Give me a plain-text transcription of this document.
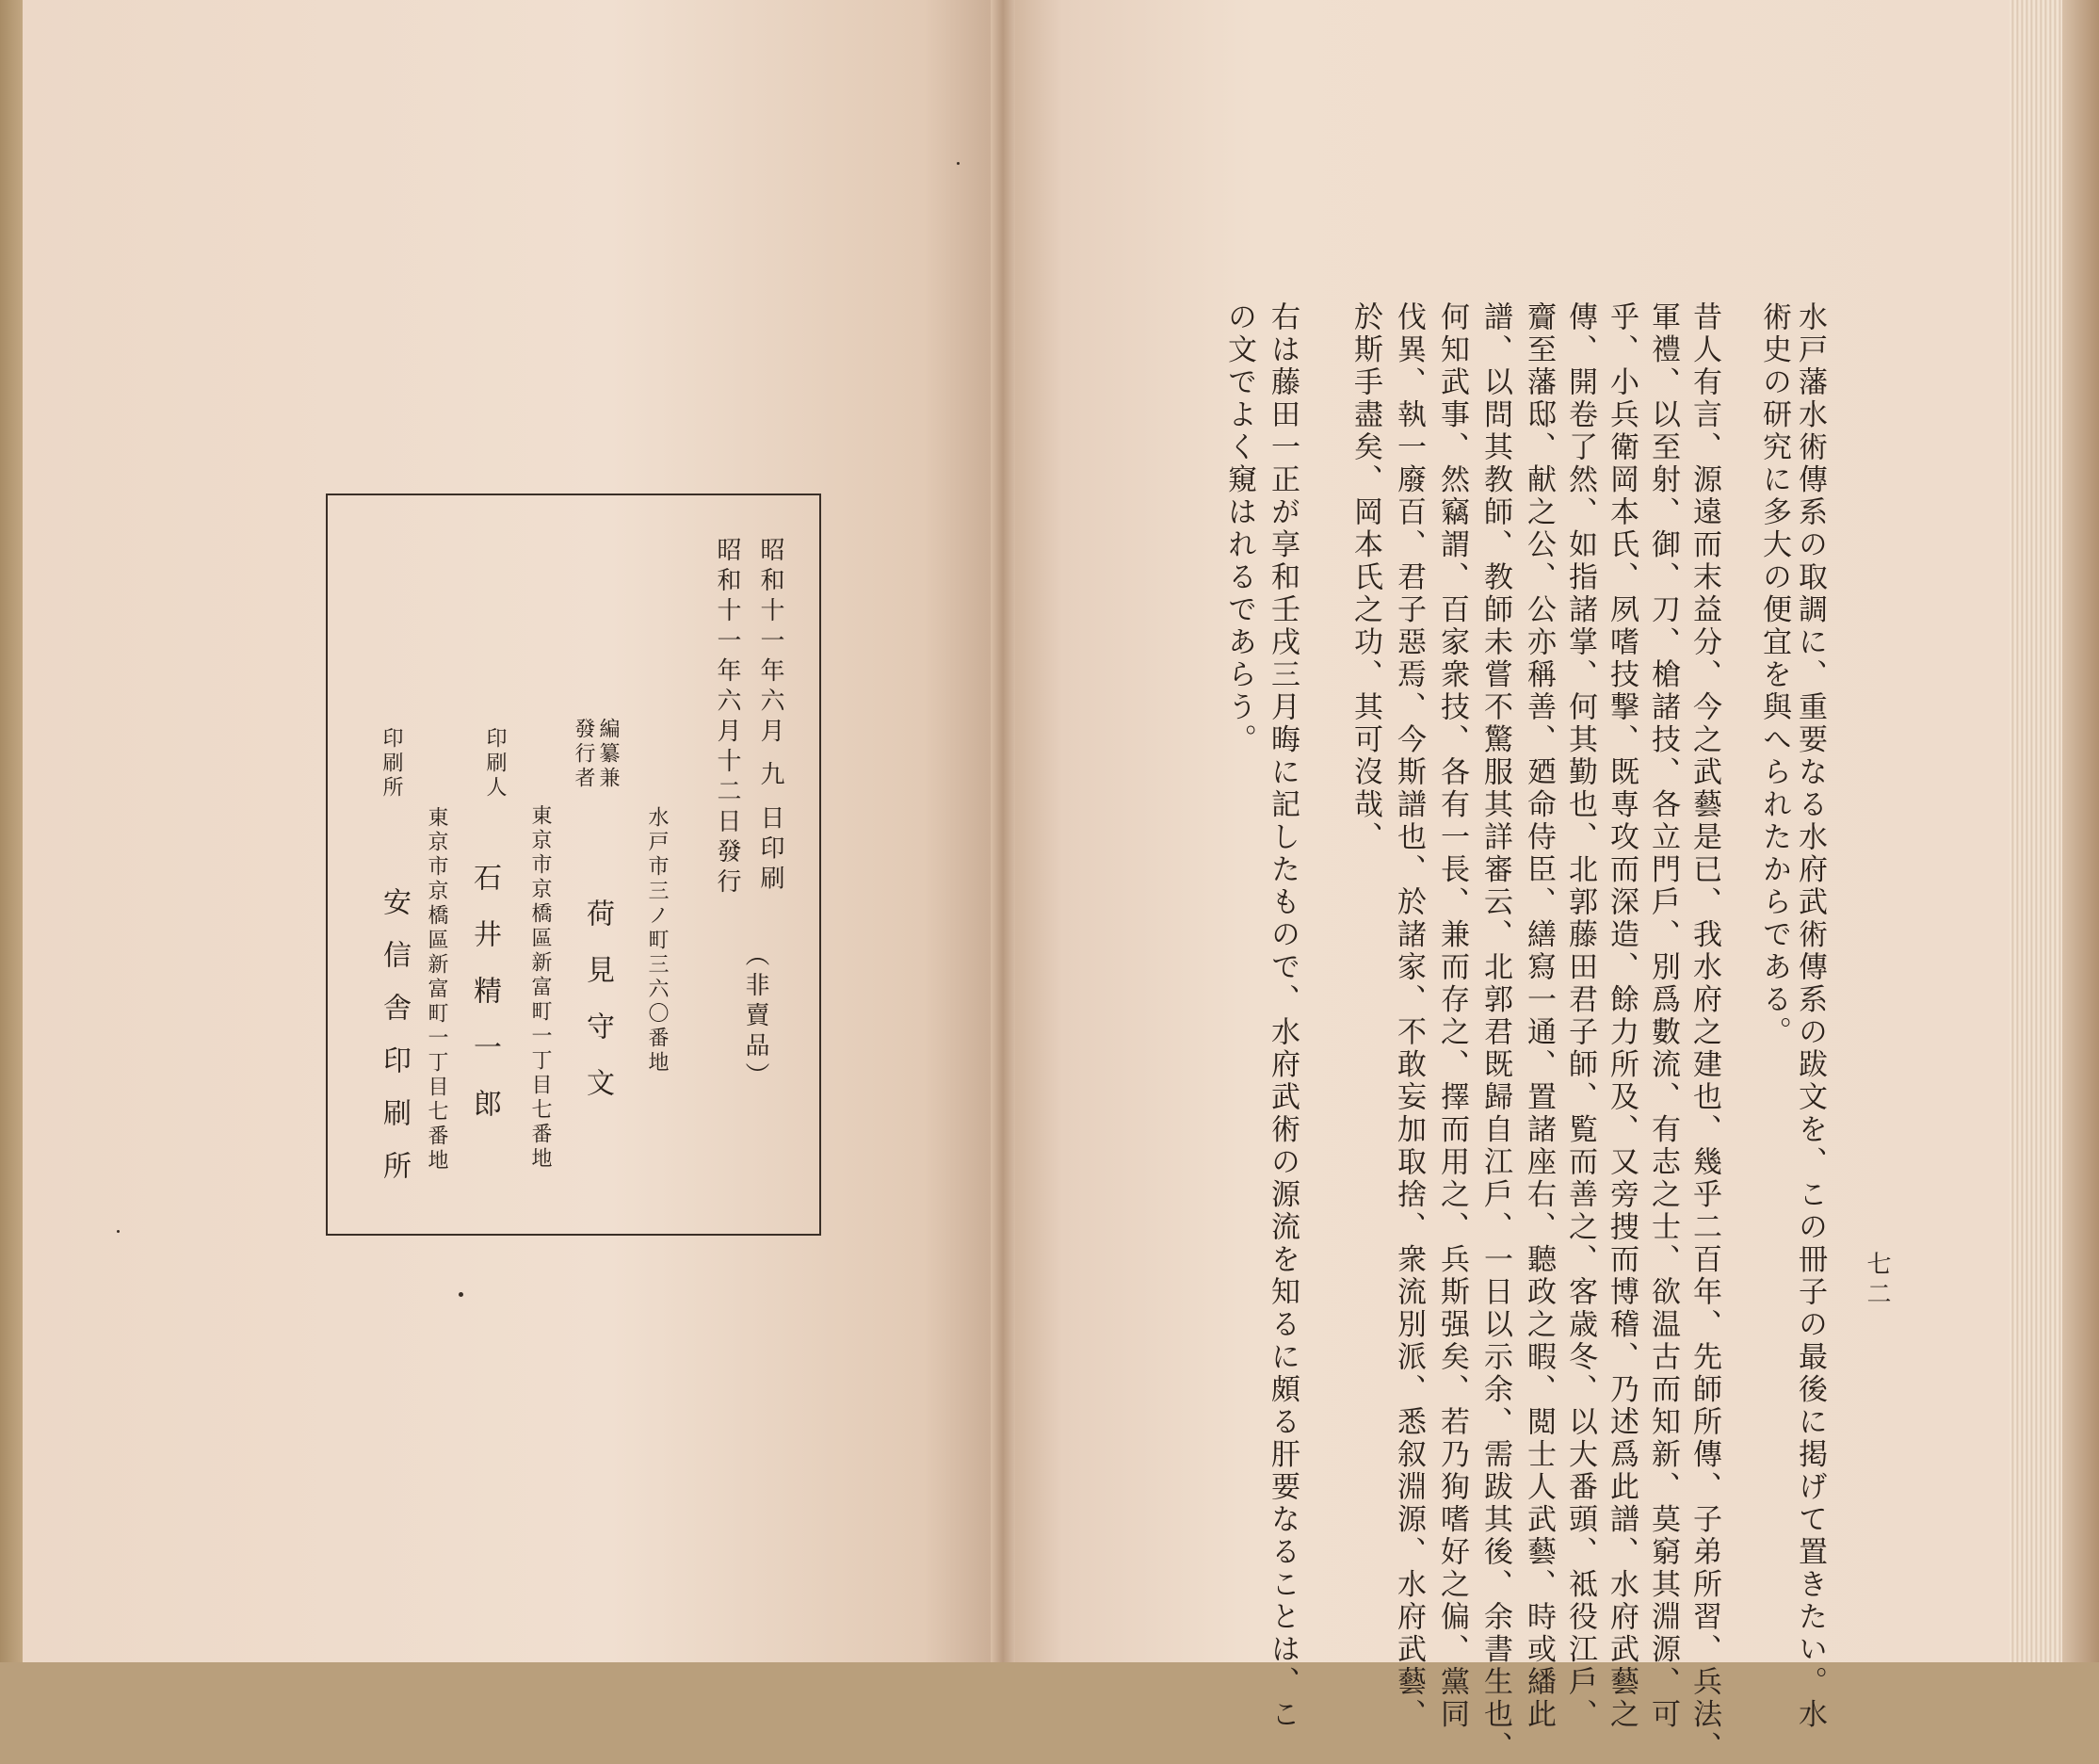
昭和十一年六月 九 日印刷
昭和十一年六月十二日發行
（非賣品）
編纂兼
發行者
水戸市三ノ町三六〇番地
荷見守文
東京市京橋區新富町一丁目七番地
印刷人
石井精一郎
東京市京橋區新富町一丁目七番地
印刷所
安信舎印刷所	水戸藩水術傳系の取調に、重要なる水府武術傳系の跋文を、この冊子の最後に掲げて置きたい。水
術史の研究に多大の便宜を與へられたからである。
昔人有言、源遠而末益分、今之武藝是已、我水府之建也、幾乎二百年、先師所傳、子弟所習、兵法、
軍禮、以至射、御、刀、槍諸技、各立門戶、別爲數流、有志之士、欲温古而知新、莫窮其淵源、可
乎、小兵衛岡本氏、夙嗜技撃、既専攻而深造、餘力所及、又旁捜而博稽、乃述爲此譜、水府武藝之
傳、開卷了然、如指諸掌、何其勤也、北郭藤田君子師、覧而善之、客歳冬、以大番頭、祗役江戶、
齎至藩邸、献之公、公亦稱善、廼命侍臣、繕寫一通、置諸座右、聽政之暇、閲士人武藝、時或繙此
譜、以問其教師、教師未嘗不驚服其詳審云、北郭君既歸自江戶、一日以示余、需跋其後、余書生也、
何知武事、然竊謂、百家衆技、各有一長、兼而存之、擇而用之、兵斯强矣、若乃狥嗜好之偏、黨同
伐異、執一廢百、君子惡焉、今斯譜也、於諸家、不敢妄加取捨、衆流別派、悉叙淵源、水府武藝、
於斯手盡矣、岡本氏之功、其可沒哉、
右は藤田一正が享和壬戌三月晦に記したもので、水府武術の源流を知るに頗る肝要なることは、こ
の文でよく窺はれるであらう。
七二
